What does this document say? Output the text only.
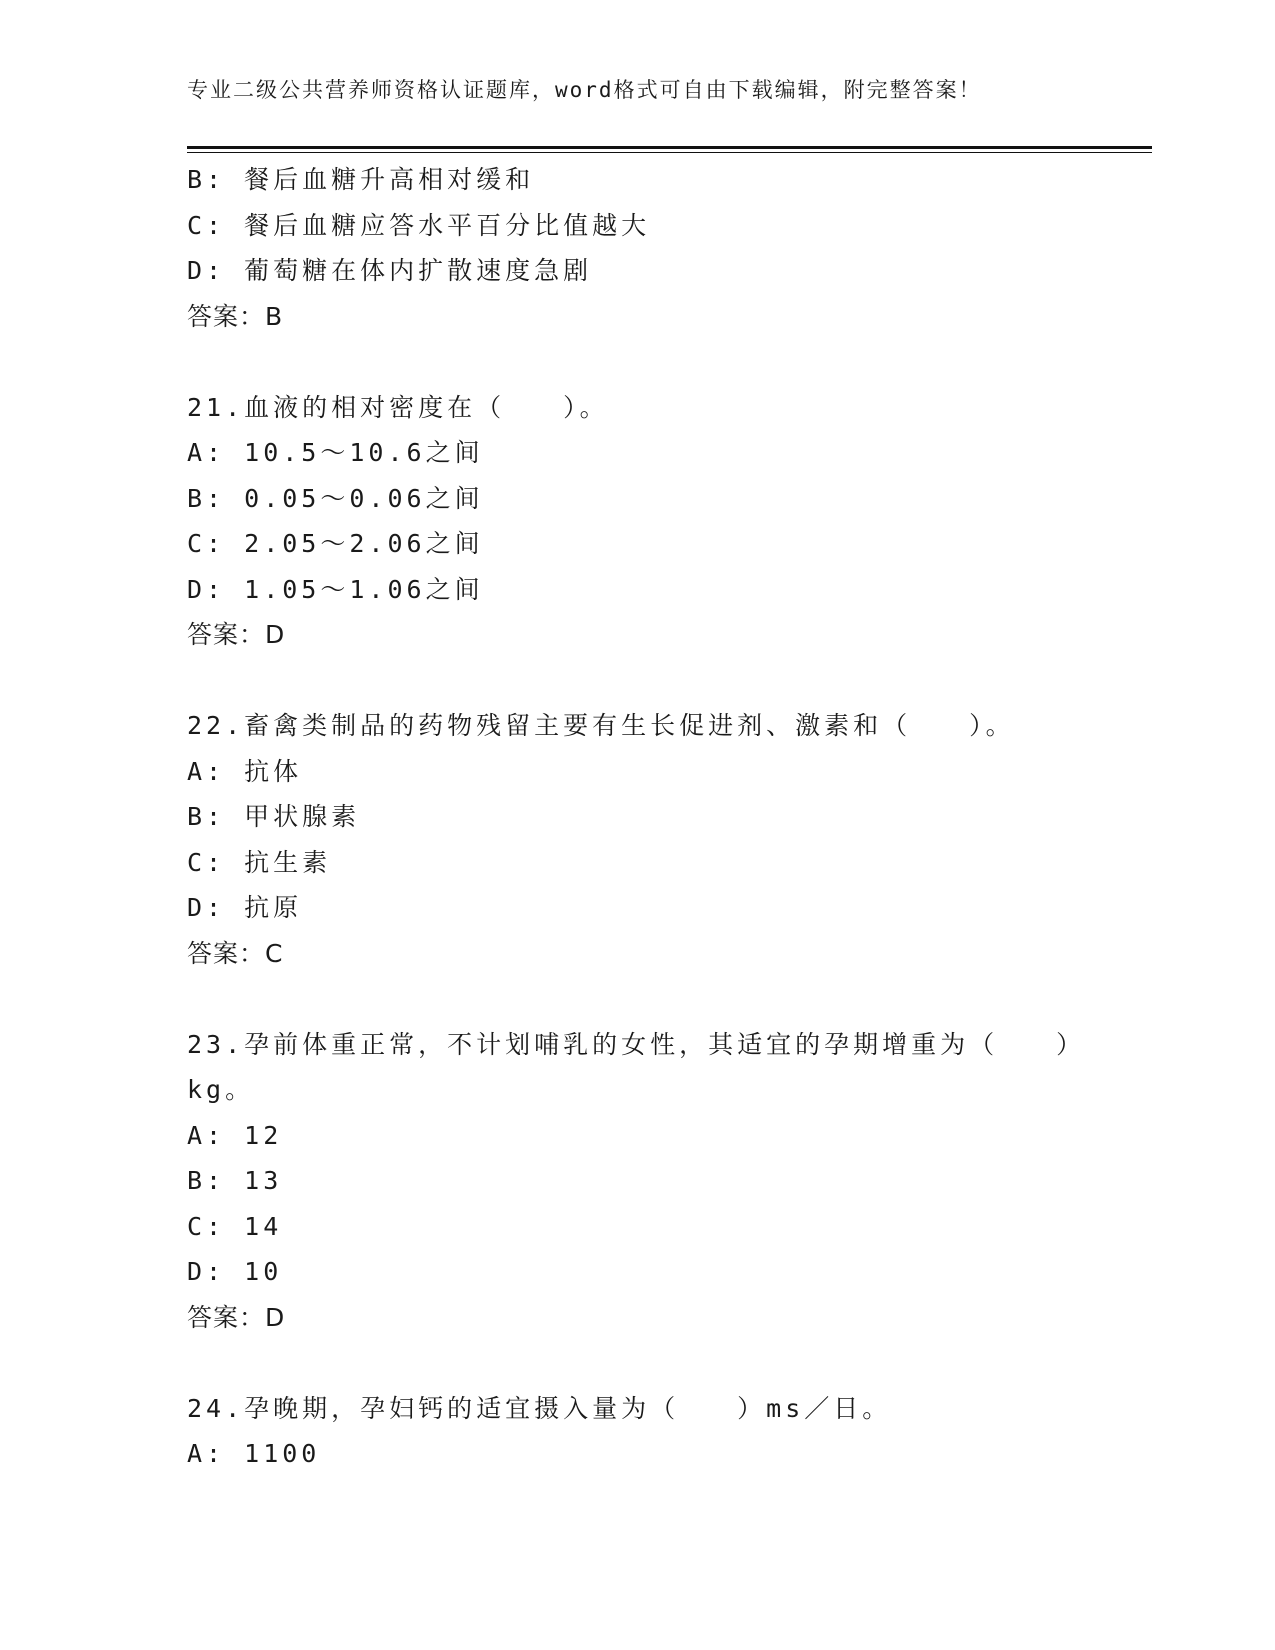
专业二级公共营养师资格认证题库，word格式可自由下载编辑，附完整答案！
B: 餐后血糖升高相对缓和
C: 餐后血糖应答水平百分比值越大
D: 葡萄糖在体内扩散速度急剧
答案：B
21.血液的相对密度在（　　）。
A: 10.5～10.6之间
B: 0.05～0.06之间
C: 2.05～2.06之间
D: 1.05～1.06之间
答案：D
22.畜禽类制品的药物残留主要有生长促进剂、激素和（　　）。
A: 抗体
B: 甲状腺素
C: 抗生素
D: 抗原
答案：C
23.孕前体重正常，不计划哺乳的女性，其适宜的孕期增重为（　　）
kg。
A: 12
B: 13
C: 14
D: 10
答案：D
24.孕晚期，孕妇钙的适宜摄入量为（　　）ms／日。
A: 1100
